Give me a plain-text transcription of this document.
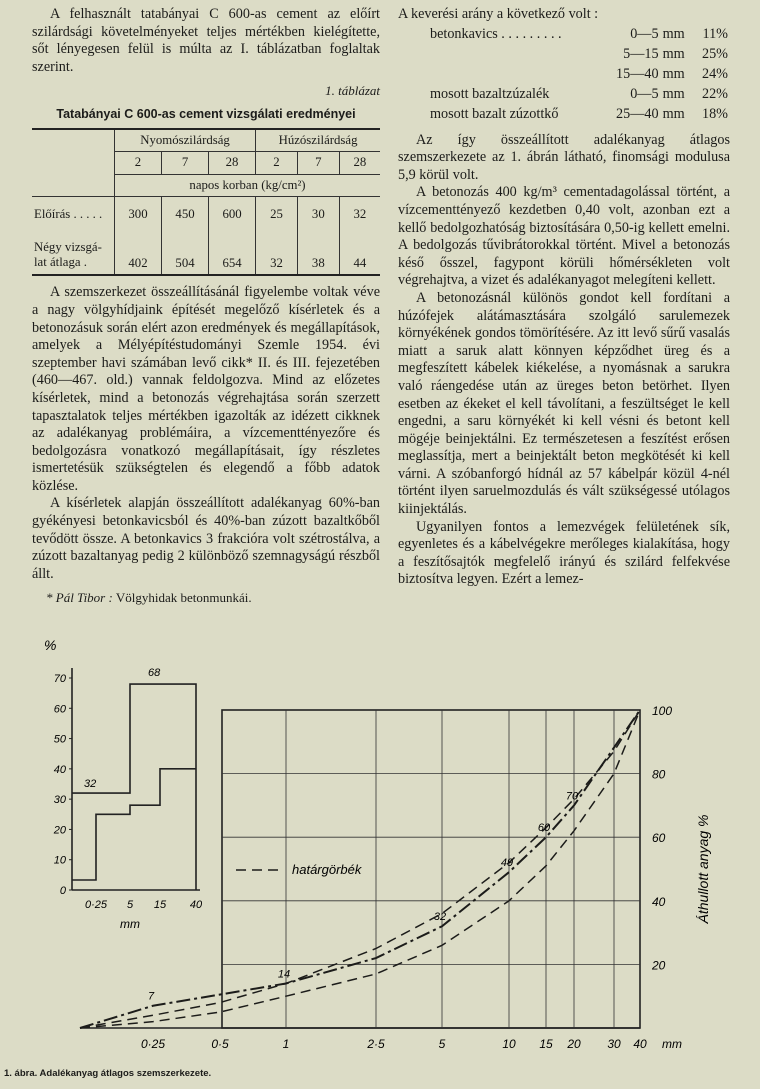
A felhasznált tatabányai C 600-as cement az előírt szilárdsági követelményeket teljes mértékben kielégítette, sőt lényegesen felül is múlta az I. táblázatban foglaltak szerint.

1. táblázat
Tatabányai C 600-as cement vizsgálati eredményei
	Nyomószilárdság			Húzószilárdság		
	2	7	28	2	7	28
	napos korban (kg/cm²)					
Előírás . . . . .	300	450	600	25	30	32
Négy vizsgá- lat átlaga .	402	504	654	32	38	44

A szemszerkezet összeállításánál figyelembe voltak véve a nagy völgyhídjaink építését megelőző kísérletek és a betonozásuk során elért azon eredmények és megállapítások, amelyek a Mélyépítéstudományi Szemle 1954. évi szeptember havi számában levő cikk* II. és III. fejezetében (460—467. old.) vannak feldolgozva. Mind az előzetes kísérletek, mind a betonozás végrehajtása során szerzett tapasztalatok teljes mértékben igazolták az idézett cikknek az adalékanyag problémáira, a vízcementtényezőre és bedolgozásra vonatkozó megállapításait, így részletes ismertetésük szükségtelen és elegendő a főbb adatok közlése.

A kísérletek alapján összeállított adalékanyag 60%-ban gyékényesi betonkavicsból és 40%-ban zúzott bazaltkőből tevődött össze. A betonkavics 3 frakcióra volt szétrostálva, a zúzott bazaltanyag pedig 2 különböző szemnagyságú részből állt.

* Pál Tibor : Völgyhidak betonmunkái.

A keverési arány a következő volt :

betonkavics . . . . . . . . .	0—5	mm	11%
	5—15	mm	25%
	15—40	mm	24%
mosott bazaltzúzalék	0—5	mm	22%
mosott bazalt zúzottkő	25—40	mm	18%

Az így összeállított adalékanyag átlagos szemszerkezete az 1. ábrán látható, finomsági modulusa 5,9 körül volt.

A betonozás 400 kg/m³ cementadagolással történt, a vízcementtényező kezdetben 0,40 volt, azonban ezt a kellő bedolgozhatóság biztosítására 0,50-ig kellett emelni. A bedolgozás tűvibrátorokkal történt. Mivel a betonozás késő ősszel, fagypont körüli hőmérsékleten volt végrehajtva, a vizet és adalékanyagot melegíteni kellett.

A betonozásnál különös gondot kell fordítani a húzófejek alátámasztására szolgáló sarulemezek környékének gondos tömörítésére. Az itt levő sűrű vasalás miatt a saruk alatt könnyen képződhet üreg és a megfeszített kábelek kiékelése, a nyomásnak a sarukra való ráengedése után az üreges beton betörhet. Ilyen esetben az ékeket el kell távolítani, a feszültséget le kell engedni, a saru környékét ki kell vésni és betont kell mögéje beinjektálni. Ez természetesen a feszítést erősen meglassítja, mert a beinjektált beton megkötését ki kell várni. A szóbanforgó hídnál az 57 kábelpár közül 4-nél történt ilyen saruelmozdulás és vált szükségessé utólagos kiinjektálás.

Ugyanilyen fontos a lemezvégek felületének sík, egyenletes és a kábelvégekre merőleges kialakítása, hogy a feszítősajtók megfelelő irányú és szilárd felfekvése biztosítva legyen. Ezért a lemez-

%
0
10
20
30
40
50
60
70
0·25 5 15 40
mm
32
68
0·25	0·5	1	2·5	5	10 15 20 30 40 mm
20
40
60
80
100
Áthullott anyag %
7
14
32
49
60
70
határgörbék
1. ábra. Adalékanyag átlagos szemszerkezete.
